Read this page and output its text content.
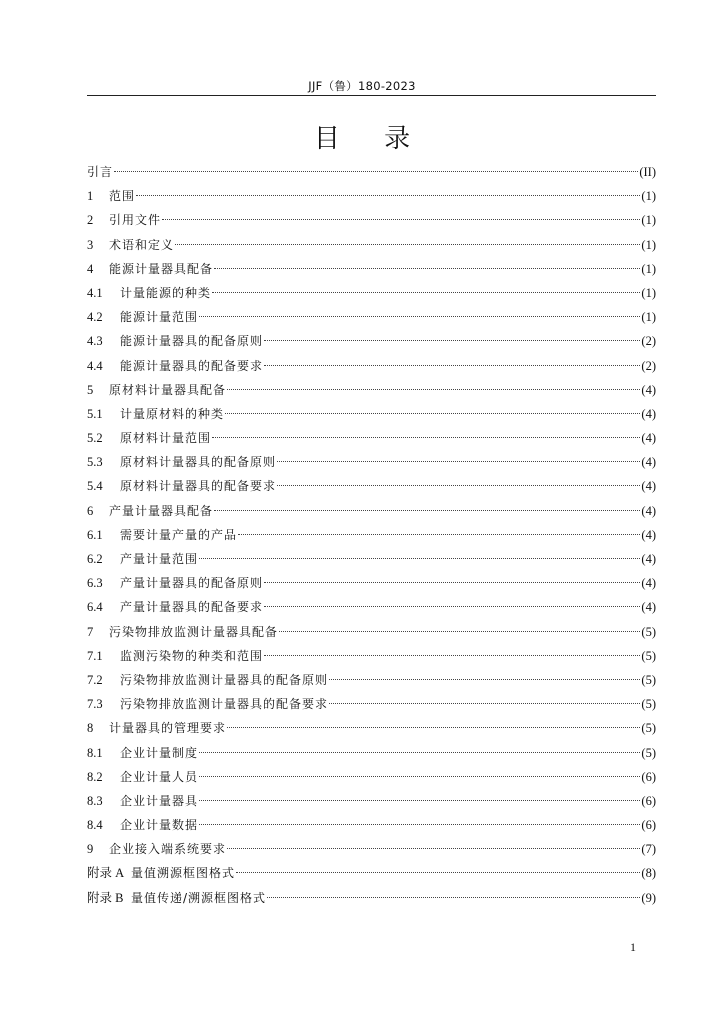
JJF（鲁）180-2023
目 录
引言	(II)
1	范围	(1)
2	引用文件	(1)
3	术语和定义	(1)
4	能源计量器具配备	(1)
4.1	计量能源的种类	(1)
4.2	能源计量范围	(1)
4.3	能源计量器具的配备原则	(2)
4.4	能源计量器具的配备要求	(2)
5	原材料计量器具配备	(4)
5.1	计量原材料的种类	(4)
5.2	原材料计量范围	(4)
5.3	原材料计量器具的配备原则	(4)
5.4	原材料计量器具的配备要求	(4)
6	产量计量器具配备	(4)
6.1	需要计量产量的产品	(4)
6.2	产量计量范围	(4)
6.3	产量计量器具的配备原则	(4)
6.4	产量计量器具的配备要求	(4)
7	污染物排放监测计量器具配备	(5)
7.1	监测污染物的种类和范围	(5)
7.2	污染物排放监测计量器具的配备原则	(5)
7.3	污染物排放监测计量器具的配备要求	(5)
8	计量器具的管理要求	(5)
8.1	企业计量制度	(5)
8.2	企业计量人员	(6)
8.3	企业计量器具	(6)
8.4	企业计量数据	(6)
9	企业接入端系统要求	(7)
附录 A 量值溯源框图格式	(8)
附录 B 量值传递/溯源框图格式	(9)
1
